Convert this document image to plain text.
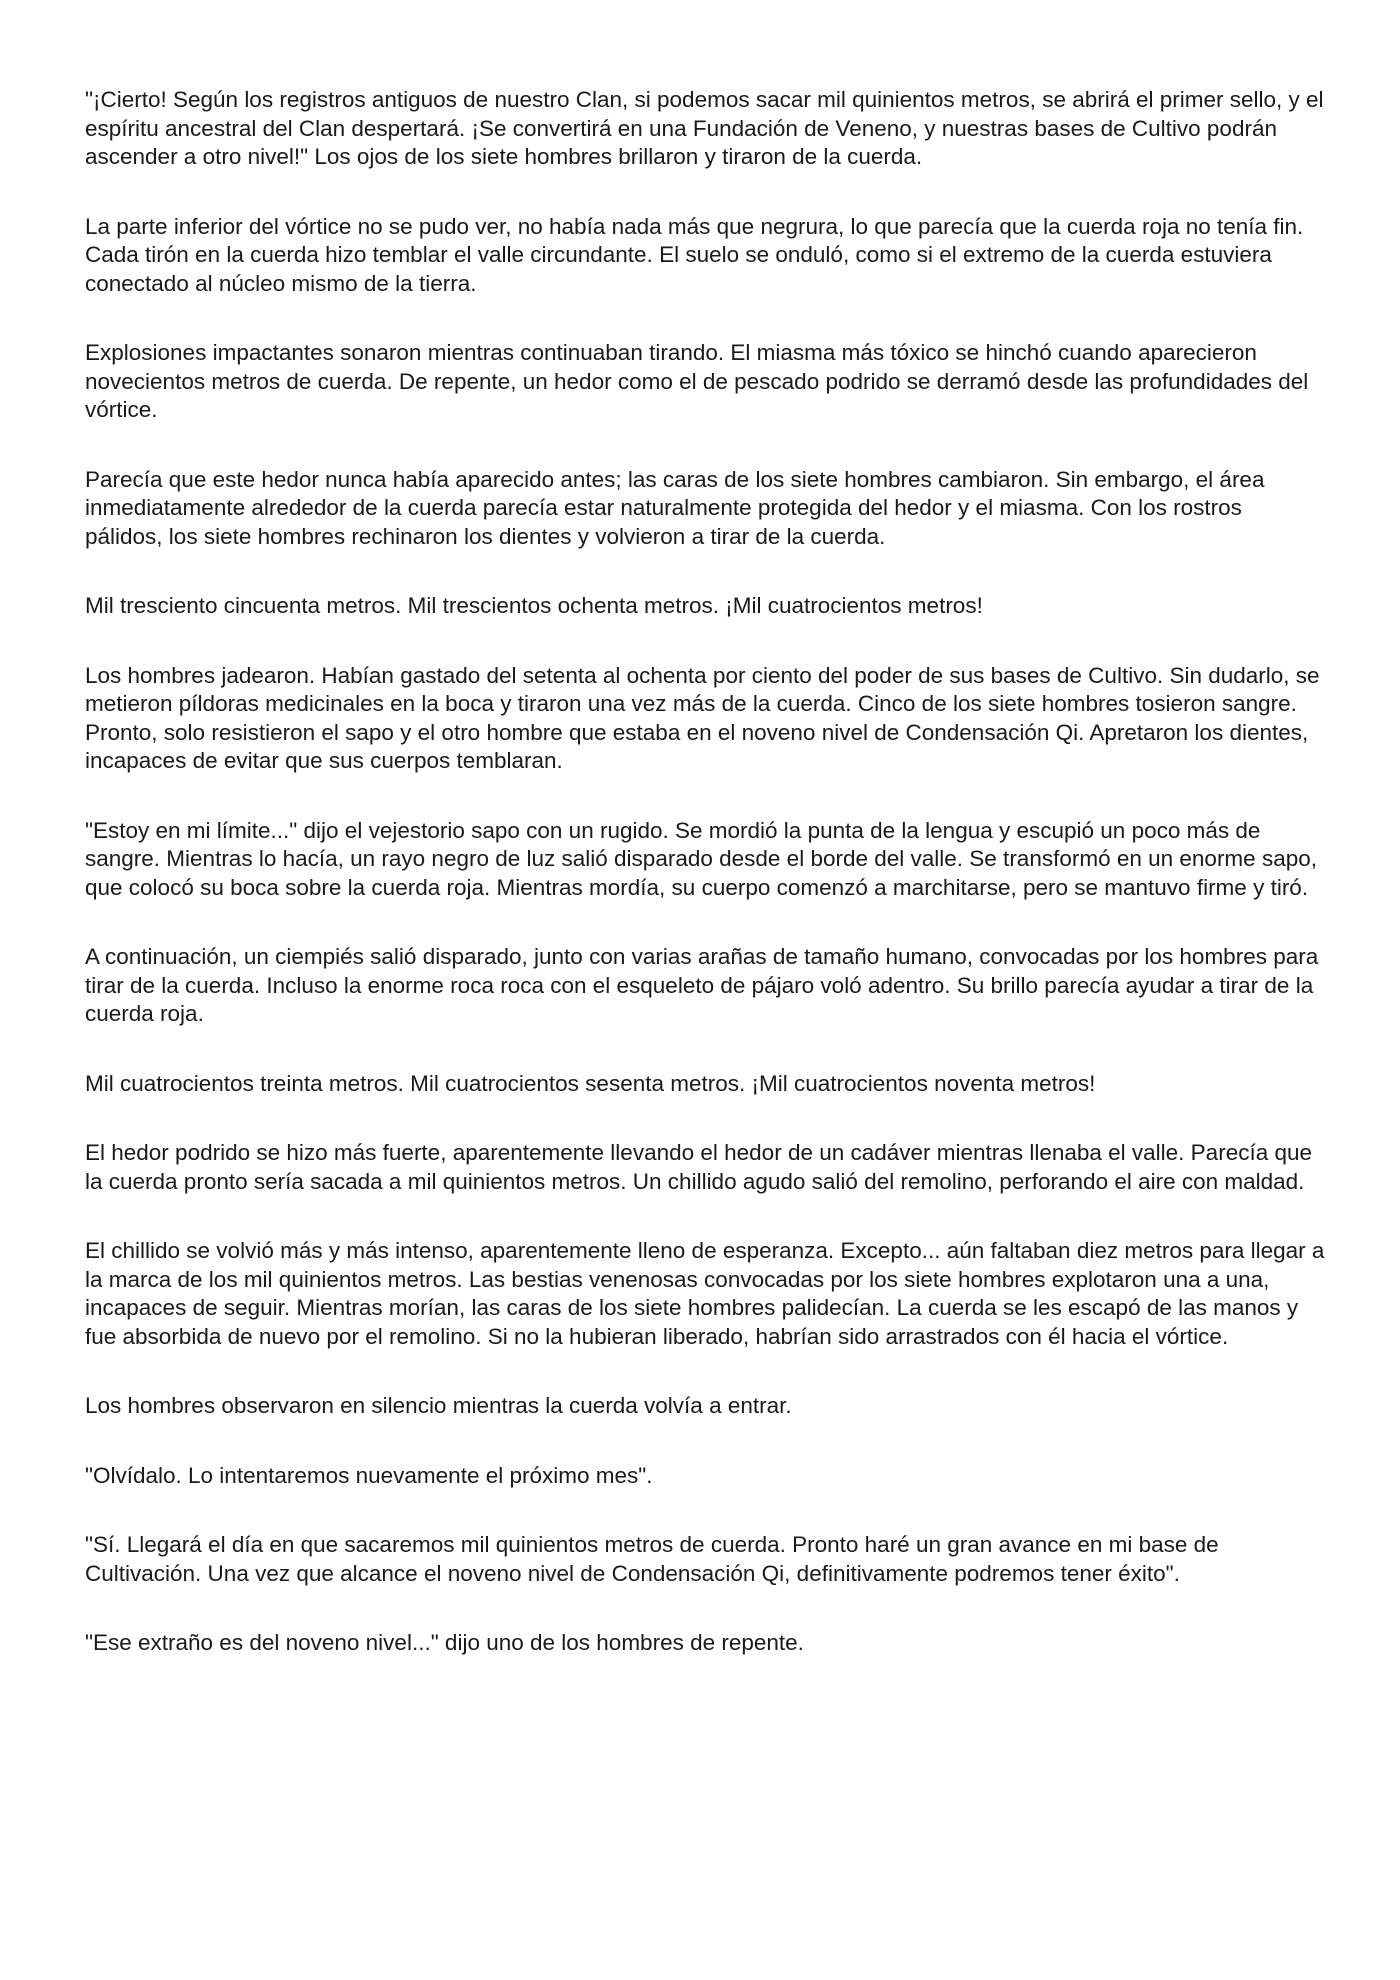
"¡Cierto! Según los registros antiguos de nuestro Clan, si podemos sacar mil quinientos metros, se abrirá el primer sello, y el espíritu ancestral del Clan despertará. ¡Se convertirá en una Fundación de Veneno, y nuestras bases de Cultivo podrán ascender a otro nivel!" Los ojos de los siete hombres brillaron y tiraron de la cuerda.

La parte inferior del vórtice no se pudo ver, no había nada más que negrura, lo que parecía que la cuerda roja no tenía fin. Cada tirón en la cuerda hizo temblar el valle circundante. El suelo se onduló, como si el extremo de la cuerda estuviera conectado al núcleo mismo de la tierra.

Explosiones impactantes sonaron mientras continuaban tirando. El miasma más tóxico se hinchó cuando aparecieron novecientos metros de cuerda. De repente, un hedor como el de pescado podrido se derramó desde las profundidades del vórtice.

Parecía que este hedor nunca había aparecido antes; las caras de los siete hombres cambiaron. Sin embargo, el área inmediatamente alrededor de la cuerda parecía estar naturalmente protegida del hedor y el miasma. Con los rostros pálidos, los siete hombres rechinaron los dientes y volvieron a tirar de la cuerda.

Mil tresciento cincuenta metros. Mil trescientos ochenta metros. ¡Mil cuatrocientos metros!

Los hombres jadearon. Habían gastado del setenta al ochenta por ciento del poder de sus bases de Cultivo. Sin dudarlo, se metieron píldoras medicinales en la boca y tiraron una vez más de la cuerda. Cinco de los siete hombres tosieron sangre. Pronto, solo resistieron el sapo y el otro hombre que estaba en el noveno nivel de Condensación Qi. Apretaron los dientes, incapaces de evitar que sus cuerpos temblaran.

"Estoy en mi límite..." dijo el vejestorio sapo con un rugido. Se mordió la punta de la lengua y escupió un poco más de sangre. Mientras lo hacía, un rayo negro de luz salió disparado desde el borde del valle. Se transformó en un enorme sapo, que colocó su boca sobre la cuerda roja. Mientras mordía, su cuerpo comenzó a marchitarse, pero se mantuvo firme y tiró.

A continuación, un ciempiés salió disparado, junto con varias arañas de tamaño humano, convocadas por los hombres para tirar de la cuerda. Incluso la enorme roca roca con el esqueleto de pájaro voló adentro. Su brillo parecía ayudar a tirar de la cuerda roja.

Mil cuatrocientos treinta metros. Mil cuatrocientos sesenta metros. ¡Mil cuatrocientos noventa metros!

El hedor podrido se hizo más fuerte, aparentemente llevando el hedor de un cadáver mientras llenaba el valle. Parecía que la cuerda pronto sería sacada a mil quinientos metros. Un chillido agudo salió del remolino, perforando el aire con maldad.

El chillido se volvió más y más intenso, aparentemente lleno de esperanza. Excepto... aún faltaban diez metros para llegar a la marca de los mil quinientos metros. Las bestias venenosas convocadas por los siete hombres explotaron una a una, incapaces de seguir. Mientras morían, las caras de los siete hombres palidecían. La cuerda se les escapó de las manos y fue absorbida de nuevo por el remolino. Si no la hubieran liberado, habrían sido arrastrados con él hacia el vórtice.

Los hombres observaron en silencio mientras la cuerda volvía a entrar.

"Olvídalo. Lo intentaremos nuevamente el próximo mes".

"Sí. Llegará el día en que sacaremos mil quinientos metros de cuerda. Pronto haré un gran avance en mi base de Cultivación. Una vez que alcance el noveno nivel de Condensación Qi, definitivamente podremos tener éxito".

"Ese extraño es del noveno nivel..." dijo uno de los hombres de repente.
